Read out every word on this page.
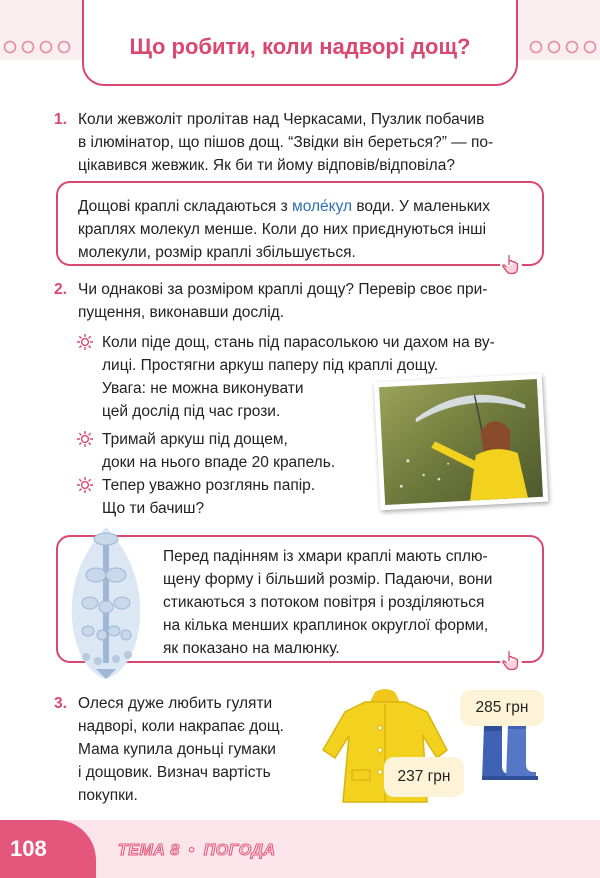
Що робити, коли надворі дощ?
1. Коли жевжоліт пролітав над Черкасами, Пузлик побачив

в ілюмінатор, що пішов дощ. “Звідки він береться?” — по-

цікавився жевжик. Як би ти йому відповів/відповіла?

Дощові краплі складаються з моле́кул води. У маленьких
краплях молекул менше. Коли до них приєднуються інші
молекули, розмір краплі збільшується.
2. Чи однакові за розміром краплі дощу? Перевір своє при-

пущення, виконавши дослід.

Коли піде дощ, стань під парасолькою чи дахом на ву-
лиці. Простягни аркуш паперу під краплі дощу.
Увага: не можна виконувати
цей дослід під час грози.
Тримай аркуш під дощем,
доки на нього впаде 20 крапель.
Тепер уважно розглянь папір.
Що ти бачиш?
Перед падінням із хмари краплі мають сплю-
щену форму і більший розмір. Падаючи, вони
стикаються з потоком повітря і розділяються
на кілька менших краплинок округлої форми,
як показано на малюнку.
3. Олеся дуже любить гуляти

надворі, коли накрапає дощ.

Мама купила доньці гумаки

і дощовик. Визнач вартість

покупки.

285 грн
237 грн
108	ТЕМА 8 • ПОГОДА
